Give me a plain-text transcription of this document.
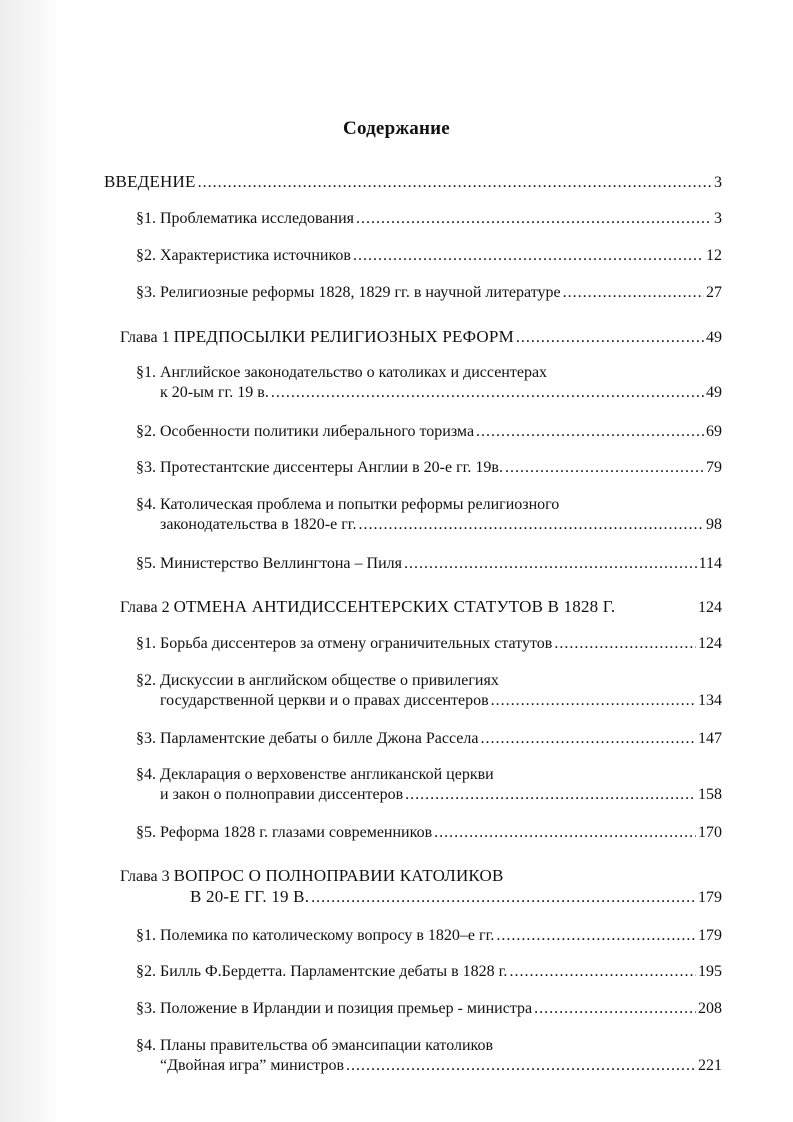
Содержание
ВВЕДЕНИЕ .....	3
§1. Проблематика исследования .....	3
§2. Характеристика источников .....	12
§3. Религиозные реформы 1828, 1829 гг. в научной литературе .....	27
Глава 1 ПРЕДПОСЫЛКИ РЕЛИГИОЗНЫХ РЕФОРМ .....	49
§1. Английское законодательство о католиках и диссентерах
к 20-ым гг. 19 в. .....	49
§2. Особенности политики либерального торизма .....	69
§3. Протестантские диссентеры Англии в 20-е гг. 19в. .....	79
§4. Католическая проблема и попытки реформы религиозного
законодательства в 1820-е гг. .....	98
§5. Министерство Веллингтона – Пиля .....	114
Глава 2 ОТМЕНА АНТИДИССЕНТЕРСКИХ СТАТУТОВ В 1828 Г.	124
§1. Борьба диссентеров за отмену ограничительных статутов .....	124
§2. Дискуссии в английском обществе о привилегиях
государственной церкви и о правах диссентеров .....	134
§3. Парламентские дебаты о билле Джона Рассела .....	147
§4. Декларация о верховенстве англиканской церкви
и закон о полноправии диссентеров .....	158
§5. Реформа 1828 г. глазами современников .....	170
Глава 3 ВОПРОС О ПОЛНОПРАВИИ КАТОЛИКОВ
В 20-Е ГГ. 19 В. .....	179
§1. Полемика по католическому вопросу в 1820–е гг. .....	179
§2. Билль Ф.Бердетта. Парламентские дебаты в 1828 г. .....	195
§3. Положение в Ирландии и позиция премьер - министра .....	208
§4. Планы правительства об эмансипации католиков
“Двойная игра” министров .....	221
